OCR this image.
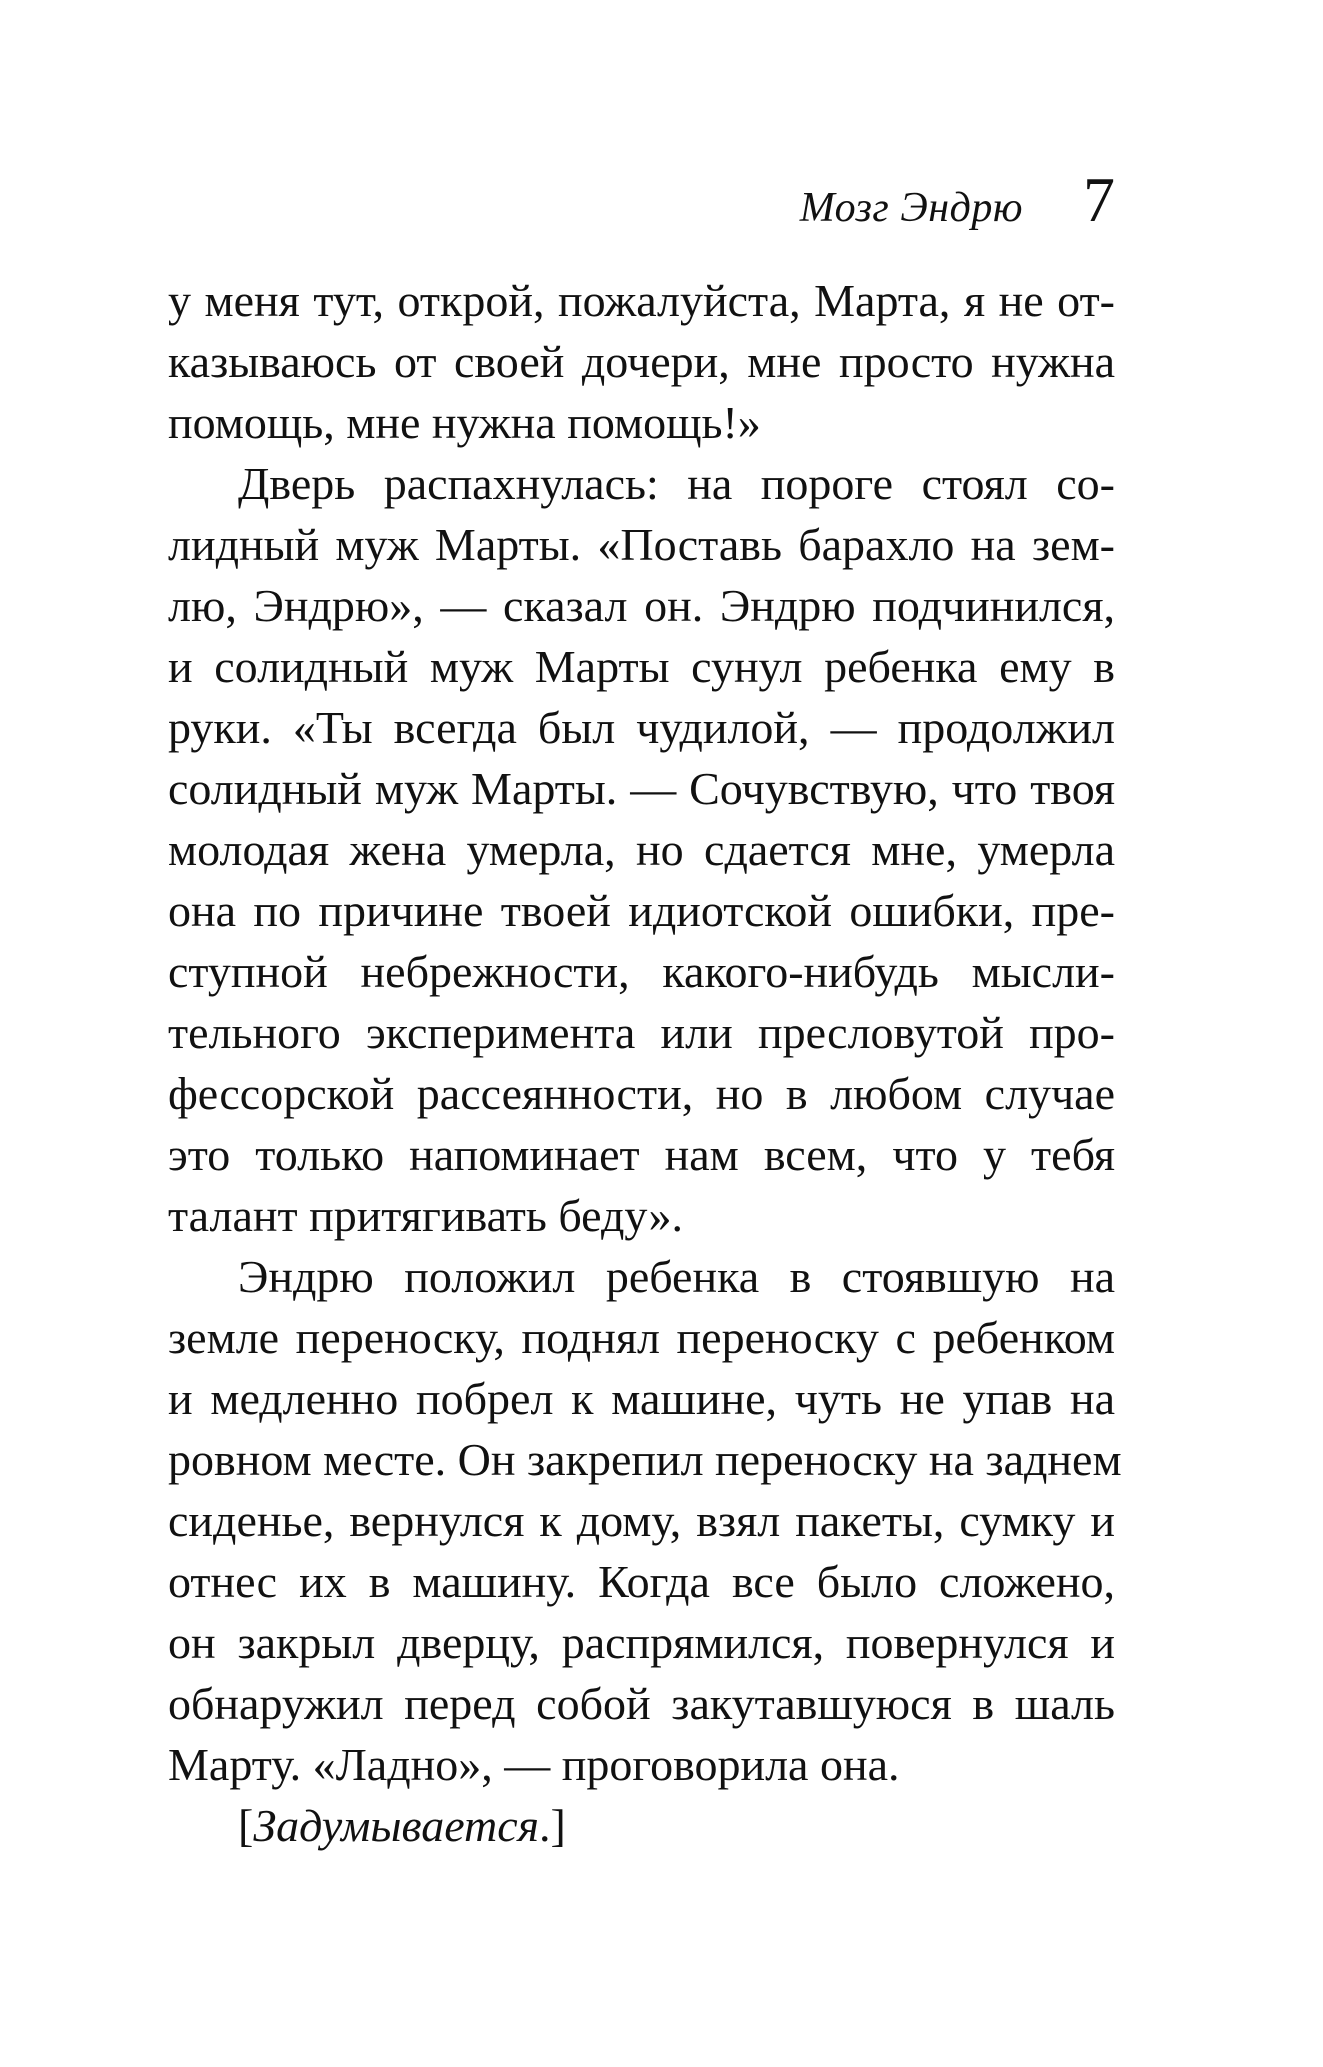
Мозг Эндрю 7
у меня тут, открой, пожалуйста, Марта, я не от-
казываюсь от своей дочери, мне просто нужна
помощь, мне нужна помощь!»
Дверь распахнулась: на пороге стоял со-
лидный муж Марты. «Поставь барахло на зем-
лю, Эндрю», — сказал он. Эндрю подчинился,
и солидный муж Марты сунул ребенка ему в
руки. «Ты всегда был чудилой, — продолжил
солидный муж Марты. — Сочувствую, что твоя
молодая жена умерла, но сдается мне, умерла
она по причине твоей идиотской ошибки, пре-
ступной небрежности, какого-нибудь мысли-
тельного эксперимента или пресловутой про-
фессорской рассеянности, но в любом случае
это только напоминает нам всем, что у тебя
талант притягивать беду».
Эндрю положил ребенка в стоявшую на
земле переноску, поднял переноску с ребенком
и медленно побрел к машине, чуть не упав на
ровном месте. Он закрепил переноску на заднем
сиденье, вернулся к дому, взял пакеты, сумку и
отнес их в машину. Когда все было сложено,
он закрыл дверцу, распрямился, повернулся и
обнаружил перед собой закутавшуюся в шаль
Марту. «Ладно», — проговорила она.
[Задумывается.]
